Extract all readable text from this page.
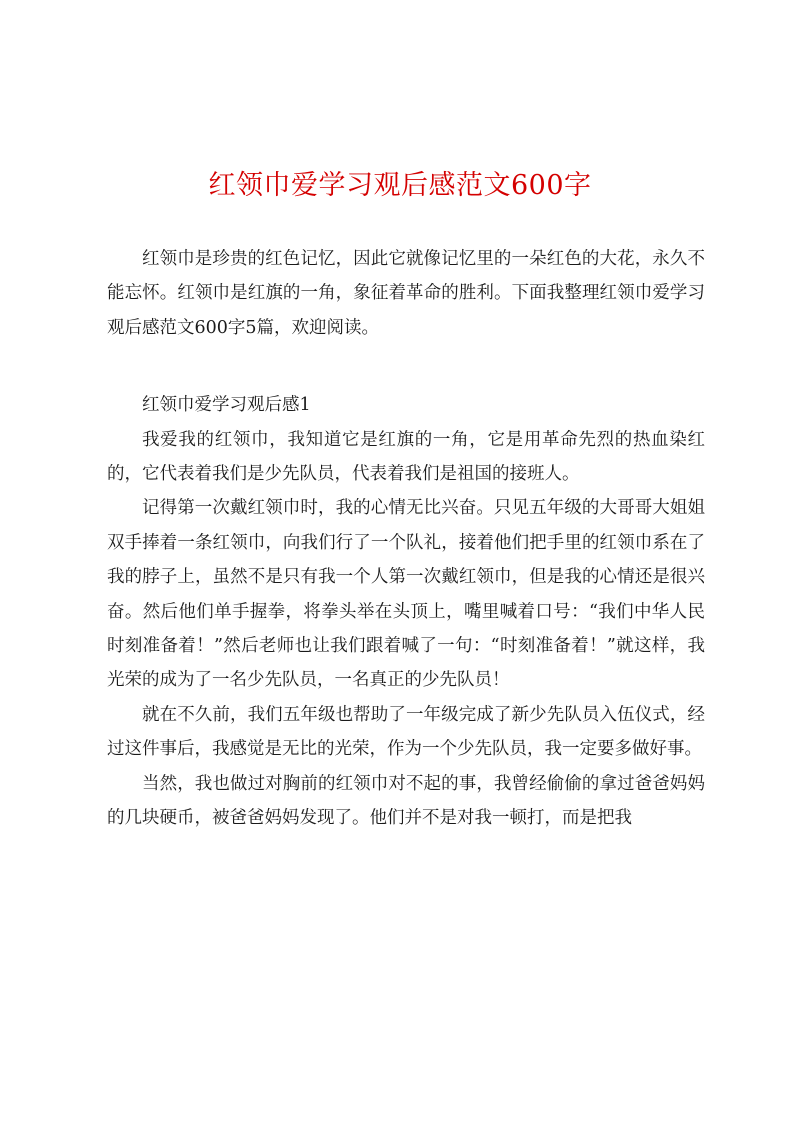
红领巾爱学习观后感范文600字

红领巾是珍贵的红色记忆，因此它就像记忆里的一朵红色的大花，永久不能忘怀。红领巾是红旗的一角，象征着革命的胜利。下面我整理红领巾爱学习观后感范文600字5篇，欢迎阅读。

红领巾爱学习观后感1

我爱我的红领巾，我知道它是红旗的一角，它是用革命先烈的热血染红的，它代表着我们是少先队员，代表着我们是祖国的接班人。

记得第一次戴红领巾时，我的心情无比兴奋。只见五年级的大哥哥大姐姐双手捧着一条红领巾，向我们行了一个队礼，接着他们把手里的红领巾系在了我的脖子上，虽然不是只有我一个人第一次戴红领巾，但是我的心情还是很兴奋。然后他们单手握拳，将拳头举在头顶上，嘴里喊着口号：“我们中华人民时刻准备着！”然后老师也让我们跟着喊了一句：“时刻准备着！”就这样，我光荣的成为了一名少先队员，一名真正的少先队员！

就在不久前，我们五年级也帮助了一年级完成了新少先队员入伍仪式，经过这件事后，我感觉是无比的光荣，作为一个少先队员，我一定要多做好事。

当然，我也做过对胸前的红领巾对不起的事，我曾经偷偷的拿过爸爸妈妈的几块硬币，被爸爸妈妈发现了。他们并不是对我一顿打，而是把我
